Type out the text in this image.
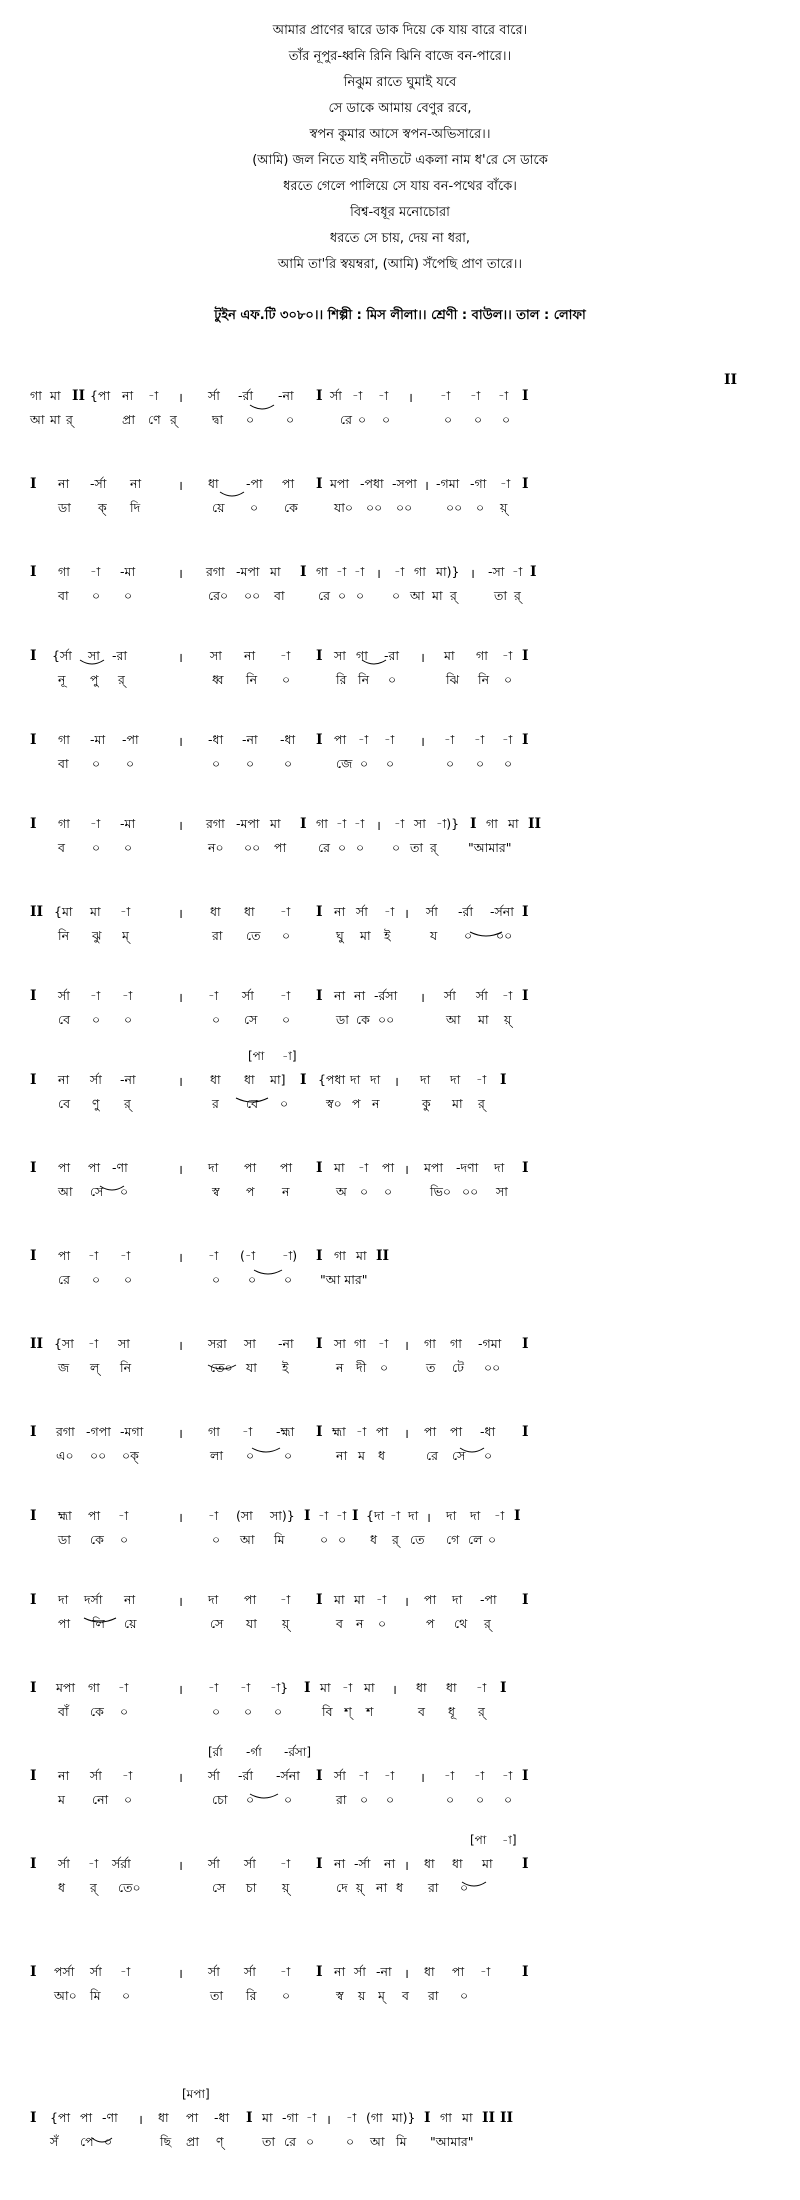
আমার প্রাণের দ্বারে ডাক দিয়ে কে যায় বারে বারে।
তাঁর নূপুর-ধ্বনি রিনি ঝিনি বাজে বন-পারে।।
নিঝুম রাতে ঘুমাই যবে
সে ডাকে আমায় বেণুর রবে,
স্বপন কুমার আসে স্বপন-অভিসারে।।
(আমি) জল নিতে যাই নদীতটে একলা নাম ধ'রে সে ডাকে
ধরতে গেলে পালিয়ে সে যায় বন-পথের বাঁকে।
বিশ্ব-বধূর মনোচোরা
ধরতে সে চায়, দেয় না ধরা,
আমি তা'রি স্বয়ম্বরা, (আমি) সঁপেছি প্রাণ তারে।।
টুইন এফ.টি ৩০৮০।। শিল্পী : মিস লীলা।। শ্রেণী : বাউল।। তাল : লোফা
II
গা মা II {পা না -া । র্সা -র্রা -না I র্সা -া -া । -া -া -া I
আ মা র্	প্রা ণে র্	দ্বা ০	০	রে ০ ০	০ ০ ০
I না -র্সা না	। ধা -পা পা I মপা -পধা -সপা । -গমা -গা -া I
ডা ক্ দি	য়ে ০ কে	যা০ ০০ ০০	০০ ০ য়্
I গা -া -মা	। রগা -মপা মা I গা -া -া । -া গা মা)} । -সা -া I
বা ০ ০	রে০ ০০ বা	রে ০ ০ ০ আ মা র্	তা র্
I {র্সা সা -রা	। সা না -া I সা গা -রা । মা গা -া I
নূ পু র্	ধ্ব নি ০	রি নি ০	ঝি নি ০
I গা -মা -পা	। -ধা -না -ধা I পা -া -া । -া -া -া I
বা ০ ০	০ ০ ০	জে ০ ০	০ ০ ০
I গা -া -মা	। রগা -মপা মা I গা -া -া । -া সা -া)} I গা মা II
ব ০ ০	ন০ ০০ পা	রে ০ ০ ০ তা র্ "আমার"
II {মা মা -া	। ধা ধা -া I না র্সা -া । র্সা -র্রা -র্সনা I
নি ঝু ম্	রা তে ০	ঘু মা ই	য ০ ০০
I র্সা -া -া	। -া র্সা -া I না না -র্রসা । র্সা র্সা -া I
বে ০ ০	০ সে ০	ডা কে ০০	আ মা য়্
I না র্সা -না	। ধা ধা মা] I {পধা দা দা । দা দা -া I
বে ণু র্	র বে ০	স্ব০ প ন	কু মা র্
[পা -া]
I পা পা -ণা	। দা পা পা I মা -া পা । মপা -দণা দা I
আ সে ০	স্ব প ন	অ ০ ০	ভি০ ০০ সা
I পা -া -া	। -া (-া -া) I গা মা II
রে ০ ০	০ ০ ০ "আ মার"
II {সা -া সা	। সরা সা -না I সা গা -া । গা গা -গমা I
জ ল্ নি	তে০ যা ই	ন দী ০	ত টে ০০
I রগা -গপা -মগা	। গা -া -হ্মা I হ্মা -া পা । পা পা -ধা I
এ০ ০০ ০ক্	লা ০ ০	না ম ধ	রে সে ০
I হ্মা পা -া	। -া (সা সা)} I -া -া I {দা -া দা । দা দা -া I
ডা কে ০	০ আ মি	০ ০ ধ র্ তে গে লে ০
I দা দর্সা না	। দা পা -া I মা মা -া । পা দা -পা I
পা লি য়ে	সে যা য়্	ব ন ০	প থে র্
I মপা গা -া	। -া -া -া} I মা -া মা । ধা ধা -া I
বাঁ কে ০	০ ০ ০	বি শ্ শ	ব ধূ র্
I না র্সা -া	। র্সা -র্রা -র্সনা I র্সা -া -া । -া -া -া I
ম নো ০	চো ০ ০	রা ০ ০	০ ০ ০
[র্রা -র্গা -র্রসা]
I র্সা -া র্সর্রা	। র্সা র্সা -া I না -র্সা না । ধা ধা মা I
ধ র্ তে০	সে চা য়্	দে য়্ না ধ রা ০
[পা -া]
I পর্সা র্সা -া	। র্সা র্সা -া I না র্সা -না । ধা পা -া I
আ০ মি ০	তা রি ০	স্ব য় ম্ ব রা ০
I {পা পা -ণা । ধা পা -ধা I মা -গা -া । -া (গা মা)} I গা মা II II
সঁ পে ০	ছি প্রা ণ্	তা রে ০	০ আ মি "আমার"
[মপা]
